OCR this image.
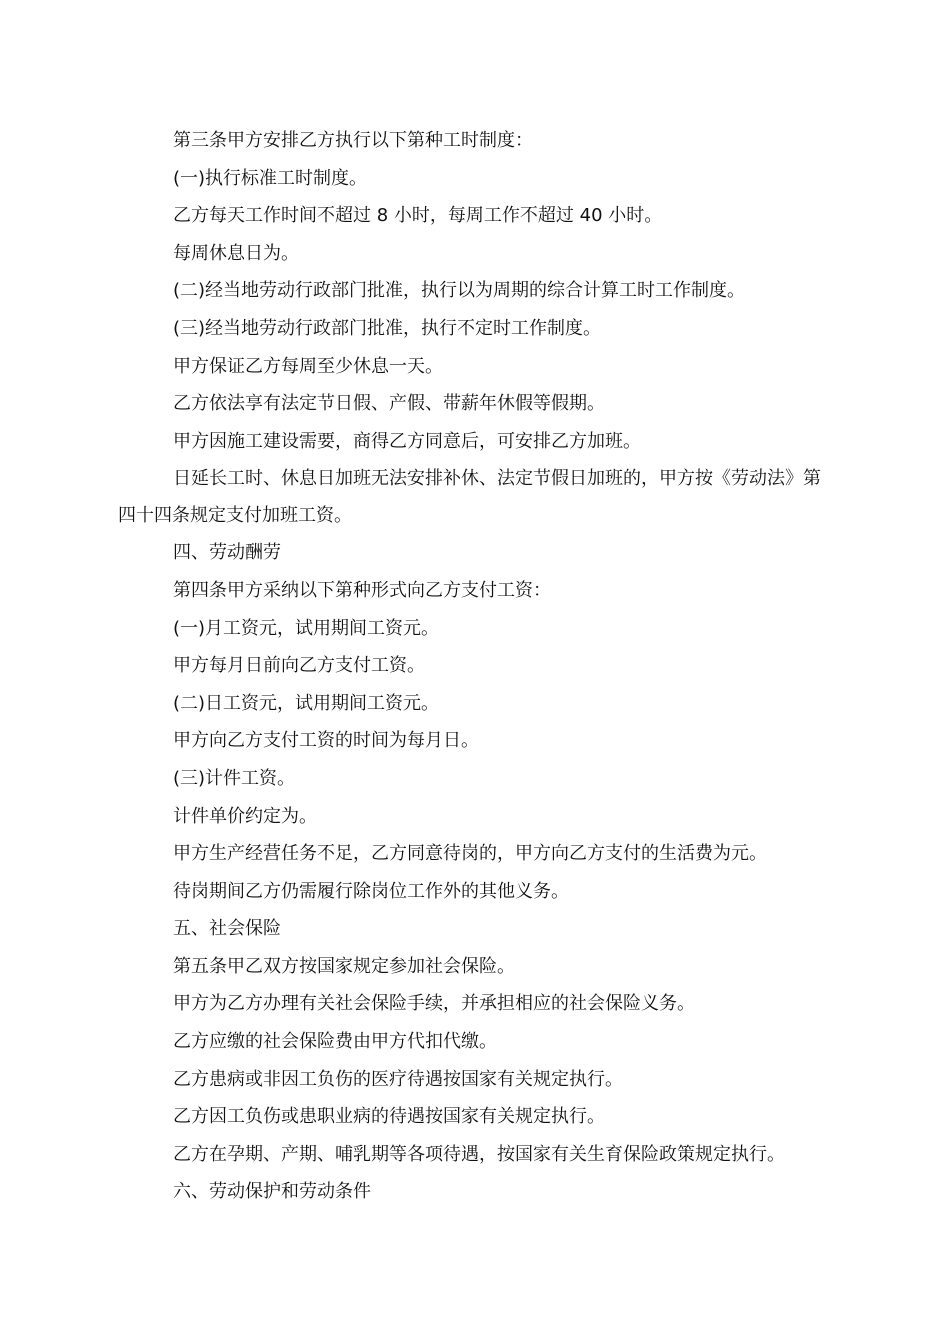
第三条甲方安排乙方执行以下第种工时制度：

(一)执行标准工时制度。

乙方每天工作时间不超过 8 小时，每周工作不超过 40 小时。

每周休息日为。

(二)经当地劳动行政部门批准，执行以为周期的综合计算工时工作制度。

(三)经当地劳动行政部门批准，执行不定时工作制度。

甲方保证乙方每周至少休息一天。

乙方依法享有法定节日假、产假、带薪年休假等假期。

甲方因施工建设需要，商得乙方同意后，可安排乙方加班。

日延长工时、休息日加班无法安排补休、法定节假日加班的，甲方按《劳动法》第四十四条规定支付加班工资。

四、劳动酬劳

第四条甲方采纳以下第种形式向乙方支付工资：

(一)月工资元，试用期间工资元。

甲方每月日前向乙方支付工资。

(二)日工资元，试用期间工资元。

甲方向乙方支付工资的时间为每月日。

(三)计件工资。

计件单价约定为。

甲方生产经营任务不足，乙方同意待岗的，甲方向乙方支付的生活费为元。

待岗期间乙方仍需履行除岗位工作外的其他义务。

五、社会保险

第五条甲乙双方按国家规定参加社会保险。

甲方为乙方办理有关社会保险手续，并承担相应的社会保险义务。

乙方应缴的社会保险费由甲方代扣代缴。

乙方患病或非因工负伤的医疗待遇按国家有关规定执行。

乙方因工负伤或患职业病的待遇按国家有关规定执行。

乙方在孕期、产期、哺乳期等各项待遇，按国家有关生育保险政策规定执行。

六、劳动保护和劳动条件
